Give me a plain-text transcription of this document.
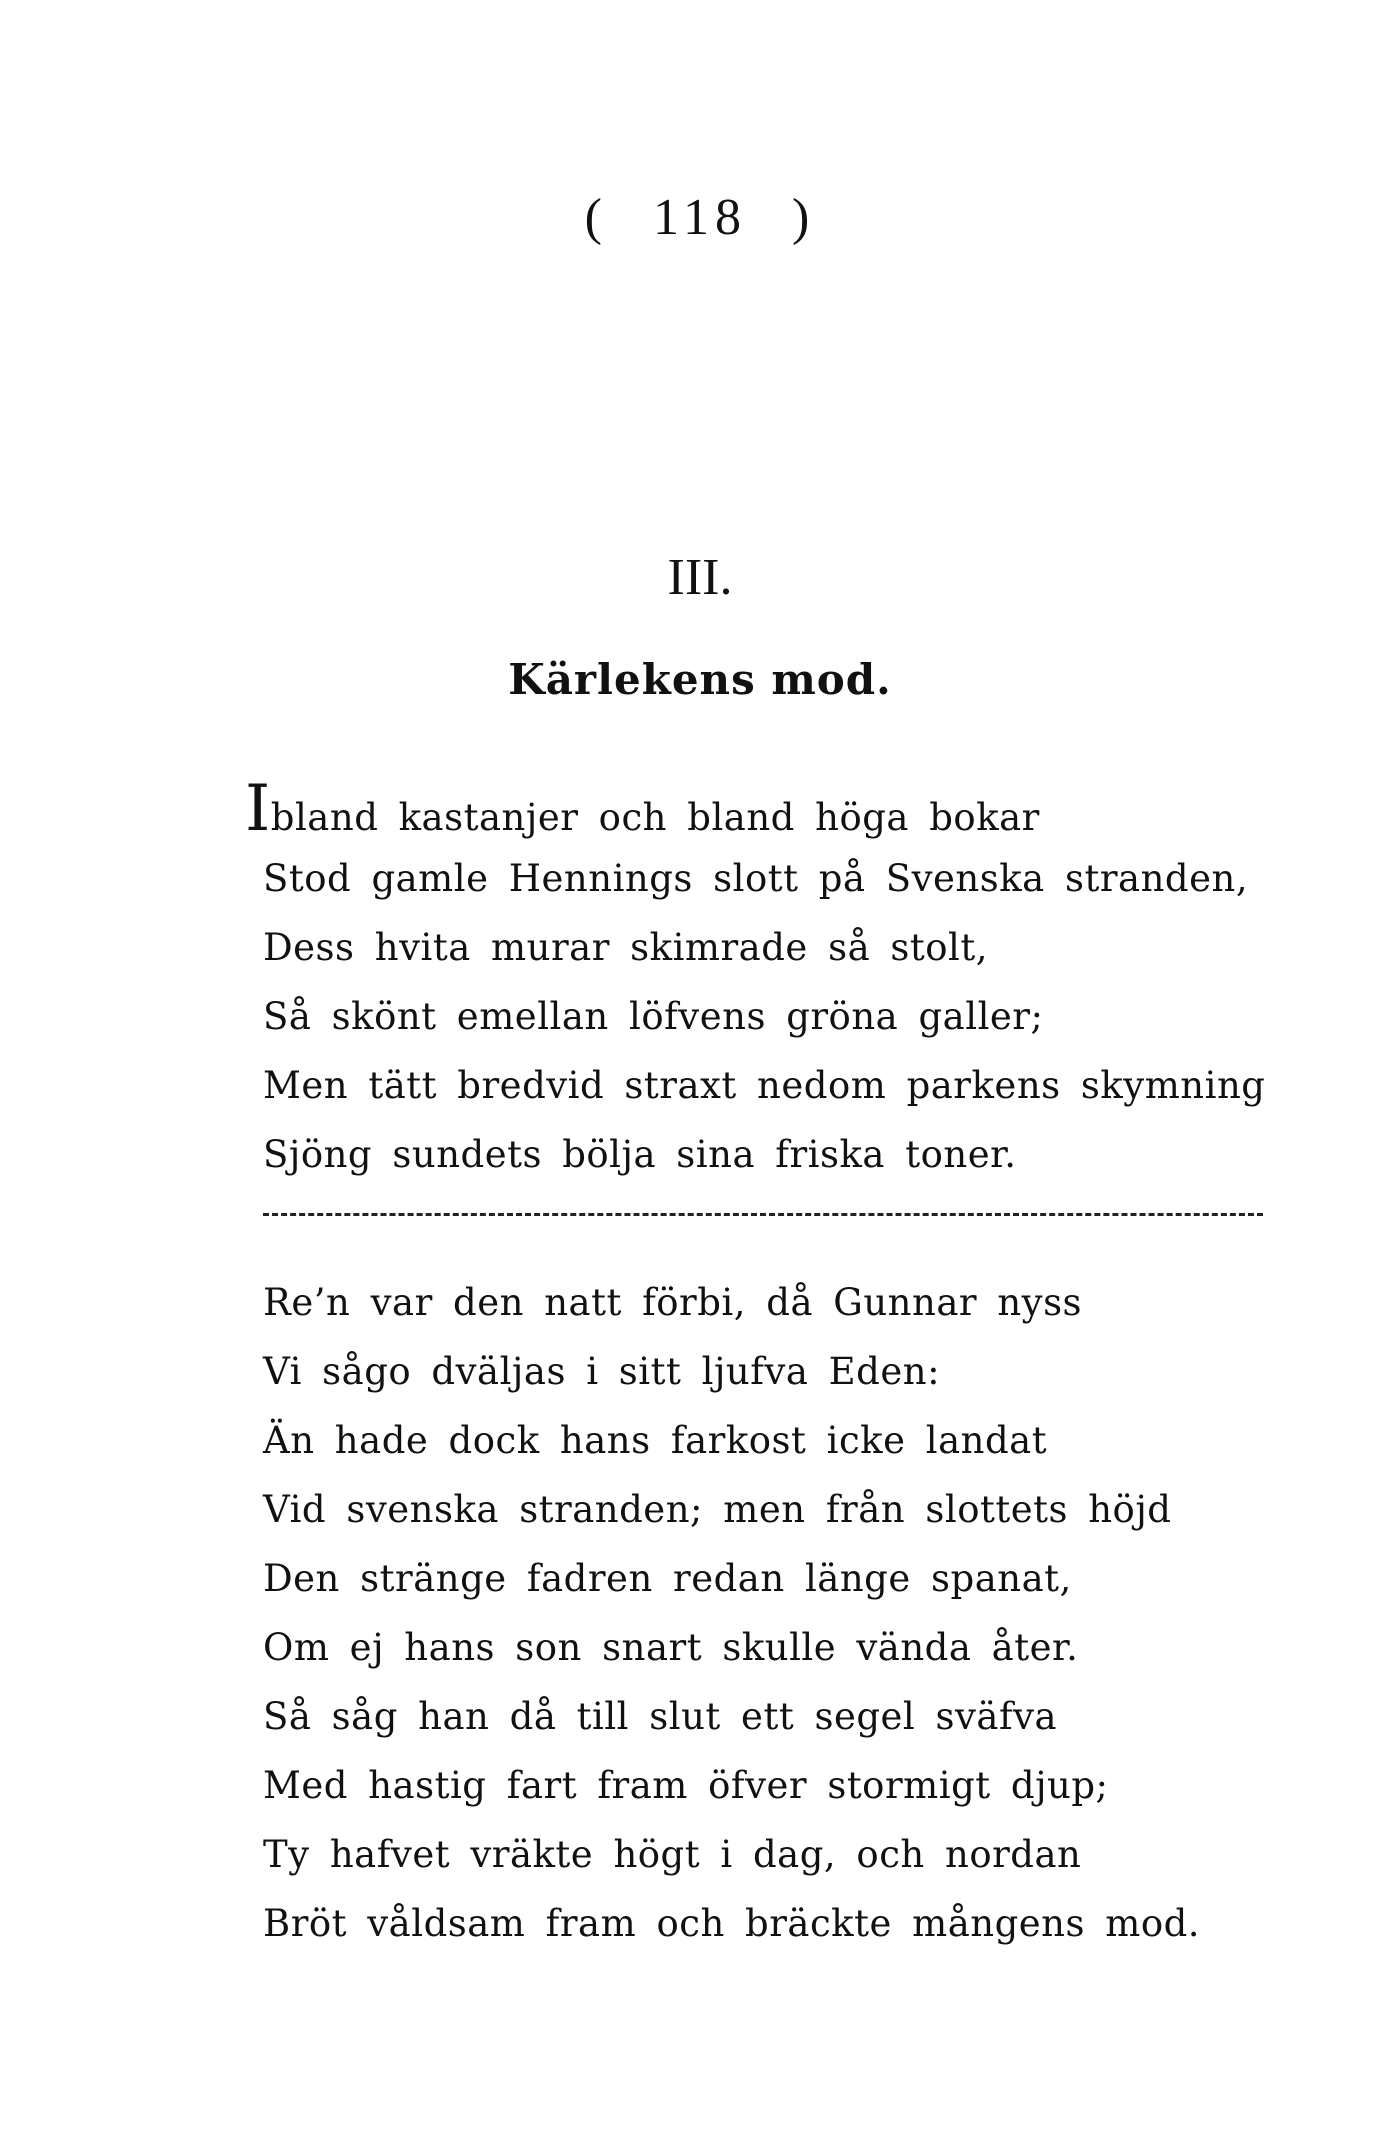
( 118 )
III.
Kärlekens mod.
Ibland kastanjer och bland höga bokar
Stod gamle Hennings slott på Svenska stranden,
Dess hvita murar skimrade så stolt,
Så skönt emellan löfvens gröna galler;
Men tätt bredvid straxt nedom parkens skymning
Sjöng sundets bölja sina friska toner.
Re’n var den natt förbi, då Gunnar nyss
Vi sågo dväljas i sitt ljufva Eden:
Än hade dock hans farkost icke landat
Vid svenska stranden; men från slottets höjd
Den stränge fadren redan länge spanat,
Om ej hans son snart skulle vända åter.
Så såg han då till slut ett segel sväfva
Med hastig fart fram öfver stormigt djup;
Ty hafvet vräkte högt i dag, och nordan
Bröt våldsam fram och bräckte mångens mod.
